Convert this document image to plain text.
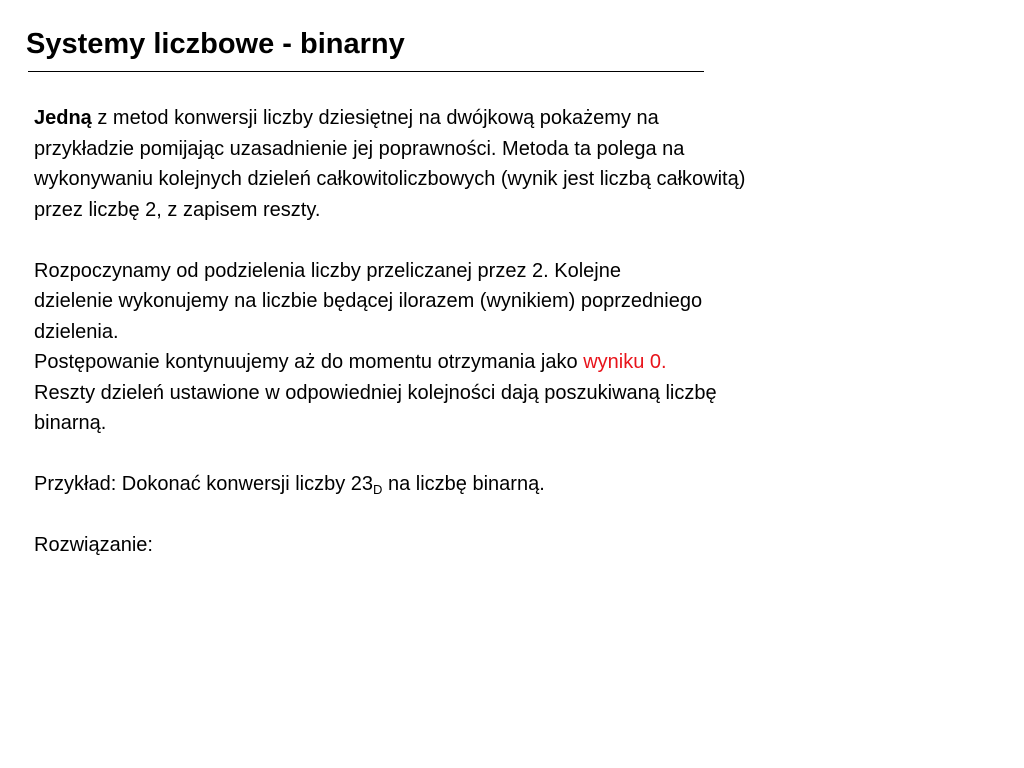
Systemy liczbowe - binarny

Jedną z metod konwersji liczby dziesiętnej na dwójkową pokażemy na
przykładzie pomijając uzasadnienie jej poprawności. Metoda ta polega na
wykonywaniu kolejnych dzieleń całkowitoliczbowych (wynik jest liczbą całkowitą)
przez liczbę 2, z zapisem reszty.

Rozpoczynamy od podzielenia liczby przeliczanej przez 2. Kolejne
dzielenie wykonujemy na liczbie będącej ilorazem (wynikiem) poprzedniego
dzielenia.
Postępowanie kontynuujemy aż do momentu otrzymania jako wyniku 0.
Reszty dzieleń ustawione w odpowiedniej kolejności dają poszukiwaną liczbę
binarną.

Przykład: Dokonać konwersji liczby $23_D$ na liczbę binarną.

Rozwiązanie:
